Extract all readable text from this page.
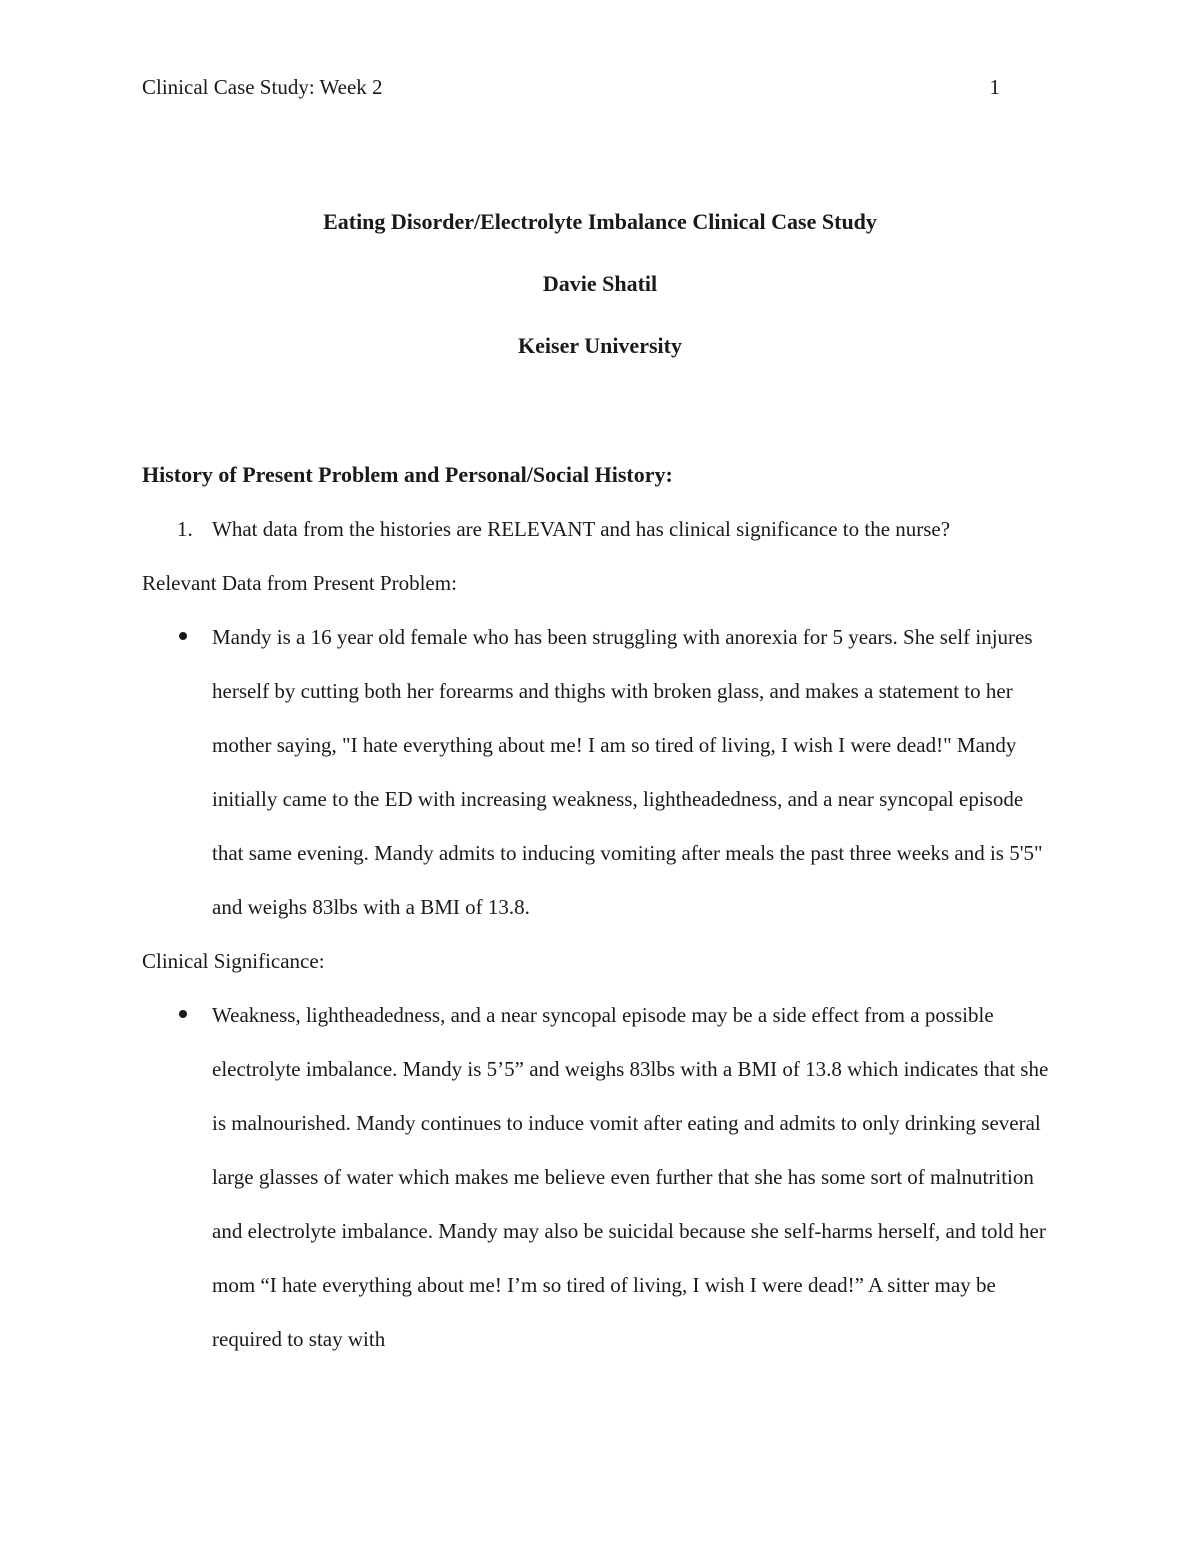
Clinical Case Study: Week 2	1
Eating Disorder/Electrolyte Imbalance Clinical Case Study
Davie Shatil
Keiser University
History of Present Problem and Personal/Social History:
1. What data from the histories are RELEVANT and has clinical significance to the nurse?
Relevant Data from Present Problem:

Mandy is a 16 year old female who has been struggling with anorexia for 5 years. She self injures herself by cutting both her forearms and thighs with broken glass, and makes a statement to her mother saying, "I hate everything about me! I am so tired of living, I wish I were dead!" Mandy initially came to the ED with increasing weakness, lightheadedness, and a near syncopal episode that same evening. Mandy admits to inducing vomiting after meals the past three weeks and is 5'5" and weighs 83lbs with a BMI of 13.8.

Clinical Significance:

Weakness, lightheadedness, and a near syncopal episode may be a side effect from a possible electrolyte imbalance. Mandy is 5’5” and weighs 83lbs with a BMI of 13.8 which indicates that she is malnourished. Mandy continues to induce vomit after eating and admits to only drinking several large glasses of water which makes me believe even further that she has some sort of malnutrition and electrolyte imbalance. Mandy may also be suicidal because she self-harms herself, and told her mom “I hate everything about me! I’m so tired of living, I wish I were dead!” A sitter may be required to stay with
